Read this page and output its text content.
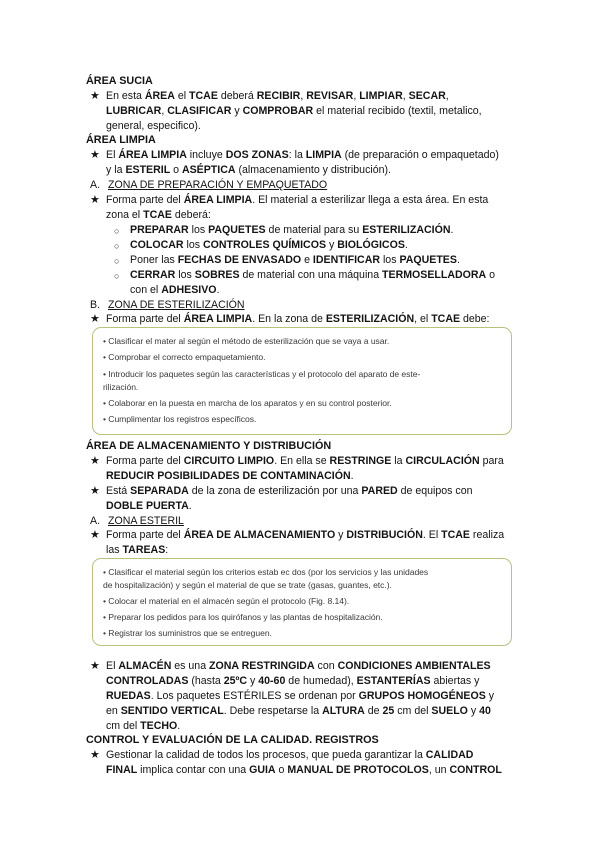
ÁREA SUCIA
★ En esta ÁREA el TCAE deberá RECIBIR, REVISAR, LIMPIAR, SECAR,
LUBRICAR, CLASIFICAR y COMPROBAR el material recibido (textil, metalico,
general, especifico).
ÁREA LIMPIA
★ El ÁREA LIMPIA incluye DOS ZONAS: la LIMPIA (de preparación o empaquetado)
y la ESTERIL o ASÉPTICA (almacenamiento y distribución).
A. ZONA DE PREPARACIÓN Y EMPAQUETADO
★ Forma parte del ÁREA LIMPIA. El material a esterilizar llega a esta área. En esta
zona el TCAE deberá:
○ PREPARAR los PAQUETES de material para su ESTERILIZACIÓN.
○ COLOCAR los CONTROLES QUÍMICOS y BIOLÓGICOS.
○ Poner las FECHAS DE ENVASADO e IDENTIFICAR los PAQUETES.
○ CERRAR los SOBRES de material con una máquina TERMOSELLADORA o
con el ADHESIVO.
B. ZONA DE ESTERILIZACIÓN
★ Forma parte del ÁREA LIMPIA. En la zona de ESTERILIZACIÓN, el TCAE debe:
• Clasificar el mater al según el método de esterilización que se vaya a usar.
• Comprobar el correcto empaquetamiento.
• Introducir los paquetes según las características y el protocolo del aparato de este-
rilización.
• Colaborar en la puesta en marcha de los aparatos y en su control posterior.
• Cumplimentar los registros específicos.
ÁREA DE ALMACENAMIENTO Y DISTRIBUCIÓN
★ Forma parte del CIRCUITO LIMPIO. En ella se RESTRINGE la CIRCULACIÓN para
REDUCIR POSIBILIDADES DE CONTAMINACIÓN.
★ Está SEPARADA de la zona de esterilización por una PARED de equipos con
DOBLE PUERTA.
A. ZONA ESTERIL
★ Forma parte del ÁREA DE ALMACENAMIENTO y DISTRIBUCIÓN. El TCAE realiza
las TAREAS:
• Clasificar el material según los criterios estab ec dos (por los servicios y las unidades
de hospitalización) y según el material de que se trate (gasas, guantes, etc.).
• Colocar el material en el almacén según el protocolo (Fig. 8.14).
• Preparar los pedidos para los quirófanos y las plantas de hospitalización.
• Registrar los suministros que se entreguen.
★ El ALMACÉN es una ZONA RESTRINGIDA con CONDICIONES AMBIENTALES
CONTROLADAS (hasta 25ºC y 40-60 de humedad), ESTANTERÍAS abiertas y
RUEDAS. Los paquetes ESTÉRILES se ordenan por GRUPOS HOMOGÉNEOS y
en SENTIDO VERTICAL. Debe respetarse la ALTURA de 25 cm del SUELO y 40
cm del TECHO.
CONTROL Y EVALUACIÓN DE LA CALIDAD. REGISTROS
★ Gestionar la calidad de todos los procesos, que pueda garantizar la CALIDAD
FINAL implica contar con una GUIA o MANUAL DE PROTOCOLOS, un CONTROL
